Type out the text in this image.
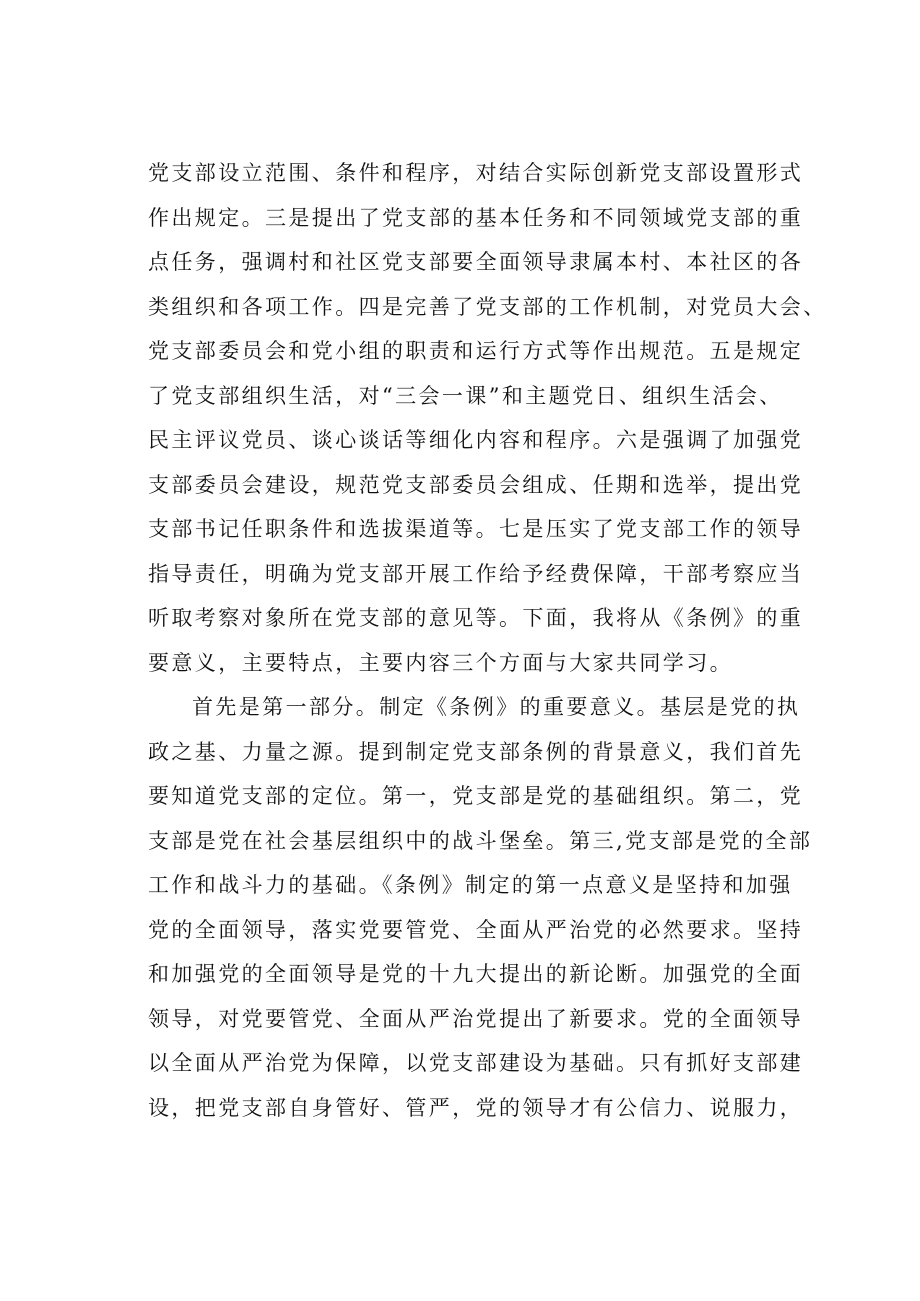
党支部设立范围、条件和程序，对结合实际创新党支部设置形式
作出规定。三是提出了党支部的基本任务和不同领域党支部的重
点任务，强调村和社区党支部要全面领导隶属本村、本社区的各
类组织和各项工作。四是完善了党支部的工作机制，对党员大会、
党支部委员会和党小组的职责和运行方式等作出规范。五是规定
了党支部组织生活，对“三会一课”和主题党日、组织生活会、
民主评议党员、谈心谈话等细化内容和程序。六是强调了加强党
支部委员会建设，规范党支部委员会组成、任期和选举，提出党
支部书记任职条件和选拔渠道等。七是压实了党支部工作的领导
指导责任，明确为党支部开展工作给予经费保障，干部考察应当
听取考察对象所在党支部的意见等。下面，我将从《条例》的重
要意义，主要特点，主要内容三个方面与大家共同学习。
首先是第一部分。制定《条例》的重要意义。基层是党的执
政之基、力量之源。提到制定党支部条例的背景意义，我们首先
要知道党支部的定位。第一，党支部是党的基础组织。第二，党
支部是党在社会基层组织中的战斗堡垒。第三,党支部是党的全部
工作和战斗力的基础。《条例》制定的第一点意义是坚持和加强
党的全面领导，落实党要管党、全面从严治党的必然要求。坚持
和加强党的全面领导是党的十九大提出的新论断。加强党的全面
领导，对党要管党、全面从严治党提出了新要求。党的全面领导
以全面从严治党为保障，以党支部建设为基础。只有抓好支部建
设，把党支部自身管好、管严，党的领导才有公信力、说服力，
